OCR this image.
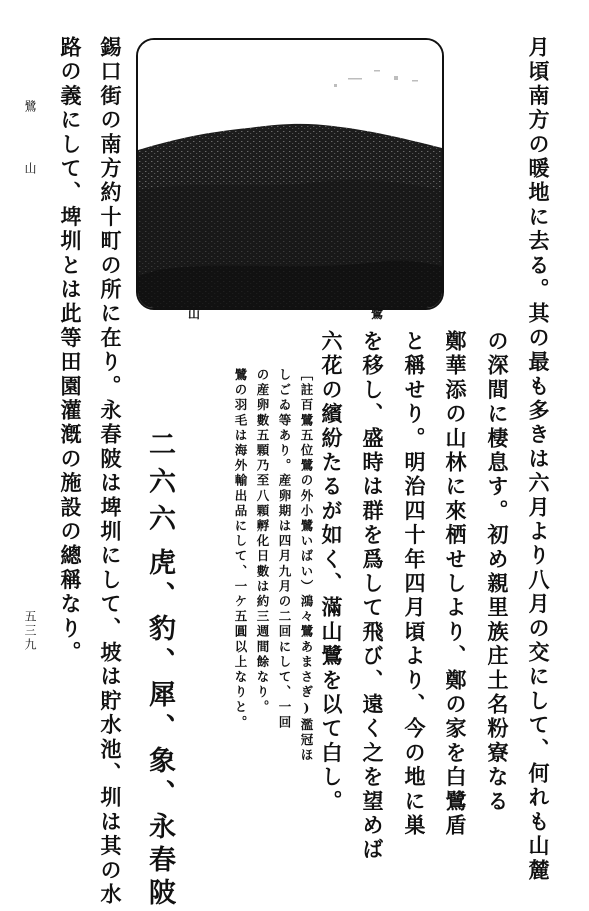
山	鷺	月頃南方の暖地に去る。其の最も多きは六月より八月の交にして、何れも山麓
の深間に棲息す。初め親里族庄土名粉寮なる
鄭華添の山林に來栖せしより、鄭の家を白鷺盾
と稱せり。明治四十年四月頃より、今の地に巣
を移し、盛時は群を爲して飛び、遠く之を望めば
六花の繽紛たるが如く、滿山鷺を以て白し。
［註百鷺五位鷺の外小鷺いばい）鴻々鷺あまさぎ)濫冠ほ
しごゐ等あり。産卵期は四月九月の二回にして、一回
の産卵數五顆乃至八顆孵化日數は約三週間餘なり。
鷺の羽毛は海外輸出品にして、一ケ五圓以上なりと。
二六六
虎、豹、犀、象、永春陂
錫口街の南方約十町の所に在り。永春陂は埤圳にして、坡は貯水池、圳は其の水
路の義にして、埤圳とは此等田園灌漑の施設の總稱なり。
鷺 山
五三九
